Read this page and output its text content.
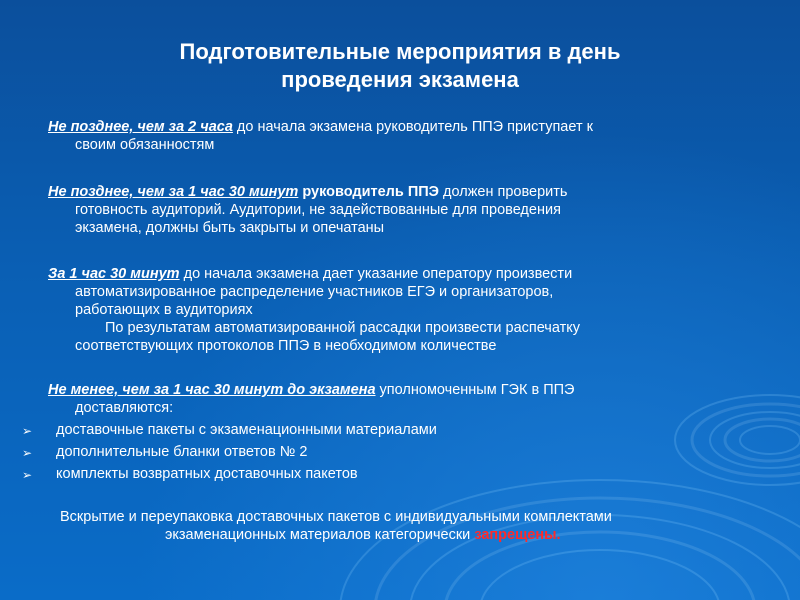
Подготовительные мероприятия в день
проведения экзамена
Не позднее, чем за 2 часа до начала экзамена руководитель ППЭ приступает к
своим обязанностям
Не позднее, чем за 1 час 30 минут руководитель ППЭ должен проверить
готовность аудиторий. Аудитории, не задействованные для проведения
экзамена, должны быть закрыты и опечатаны
За 1 час 30 минут до начала экзамена дает указание оператору произвести
автоматизированное распределение участников ЕГЭ и организаторов,
работающих в аудиториях
По результатам автоматизированной рассадки произвести распечатку
соответствующих протоколов ППЭ в необходимом количестве
Не менее, чем за 1 час 30 минут до экзамена уполномоченным ГЭК в ППЭ
доставляются:
➢	доставочные пакеты с экзаменационными материалами
➢	дополнительные бланки ответов № 2
➢	комплекты возвратных доставочных пакетов
Вскрытие и переупаковка доставочных пакетов с индивидуальными комплектами
экзаменационных материалов категорически запрещены.
